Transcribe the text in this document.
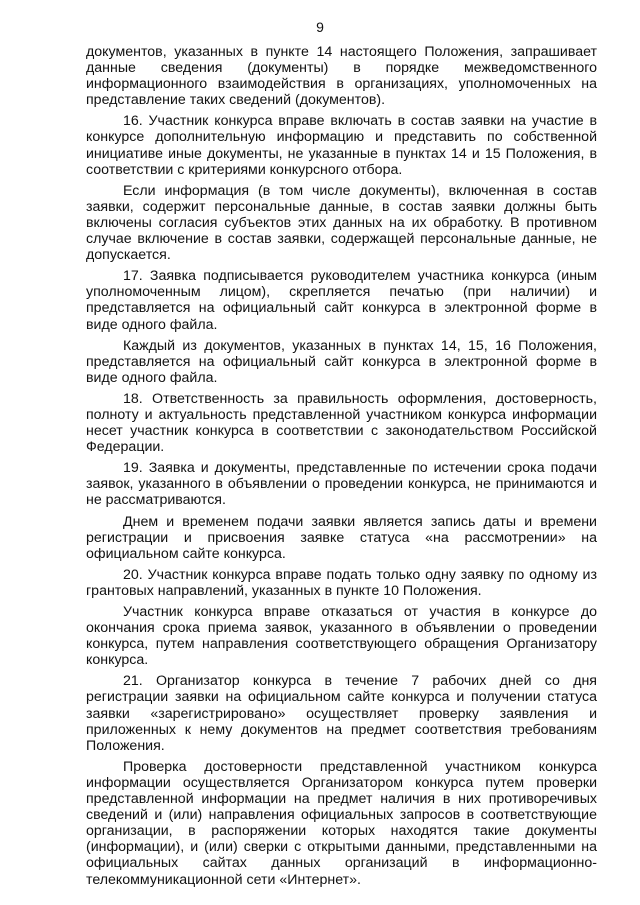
9

документов, указанных в пункте 14 настоящего Положения, запрашивает данные сведения (документы) в порядке межведомственного информационного взаимодействия в организациях, уполномоченных на представление таких сведений (документов).

16. Участник конкурса вправе включать в состав заявки на участие в конкурсе дополнительную информацию и представить по собственной инициативе иные документы, не указанные в пунктах 14 и 15 Положения, в соответствии с критериями конкурсного отбора.

Если информация (в том числе документы), включенная в состав заявки, содержит персональные данные, в состав заявки должны быть включены согласия субъектов этих данных на их обработку. В противном случае включение в состав заявки, содержащей персональные данные, не допускается.

17. Заявка подписывается руководителем участника конкурса (иным уполномоченным лицом), скрепляется печатью (при наличии) и представляется на официальный сайт конкурса в электронной форме в виде одного файла.

Каждый из документов, указанных в пунктах 14, 15, 16 Положения, представляется на официальный сайт конкурса в электронной форме в виде одного файла.

18. Ответственность за правильность оформления, достоверность, полноту и актуальность представленной участником конкурса информации несет участник конкурса в соответствии с законодательством Российской Федерации.

19. Заявка и документы, представленные по истечении срока подачи заявок, указанного в объявлении о проведении конкурса, не принимаются и не рассматриваются.

Днем и временем подачи заявки является запись даты и времени регистрации и присвоения заявке статуса «на рассмотрении» на официальном сайте конкурса.

20. Участник конкурса вправе подать только одну заявку по одному из грантовых направлений, указанных в пункте 10 Положения.

Участник конкурса вправе отказаться от участия в конкурсе до окончания срока приема заявок, указанного в объявлении о проведении конкурса, путем направления соответствующего обращения Организатору конкурса.

21. Организатор конкурса в течение 7 рабочих дней со дня регистрации заявки на официальном сайте конкурса и получении статуса заявки «зарегистрировано» осуществляет проверку заявления и приложенных к нему документов на предмет соответствия требованиям Положения.

Проверка достоверности представленной участником конкурса информации осуществляется Организатором конкурса путем проверки представленной информации на предмет наличия в них противоречивых сведений и (или) направления официальных запросов в соответствующие организации, в распоряжении которых находятся такие документы (информации), и (или) сверки с открытыми данными, представленными на официальных сайтах данных организаций в информационно-телекоммуникационной сети «Интернет».
